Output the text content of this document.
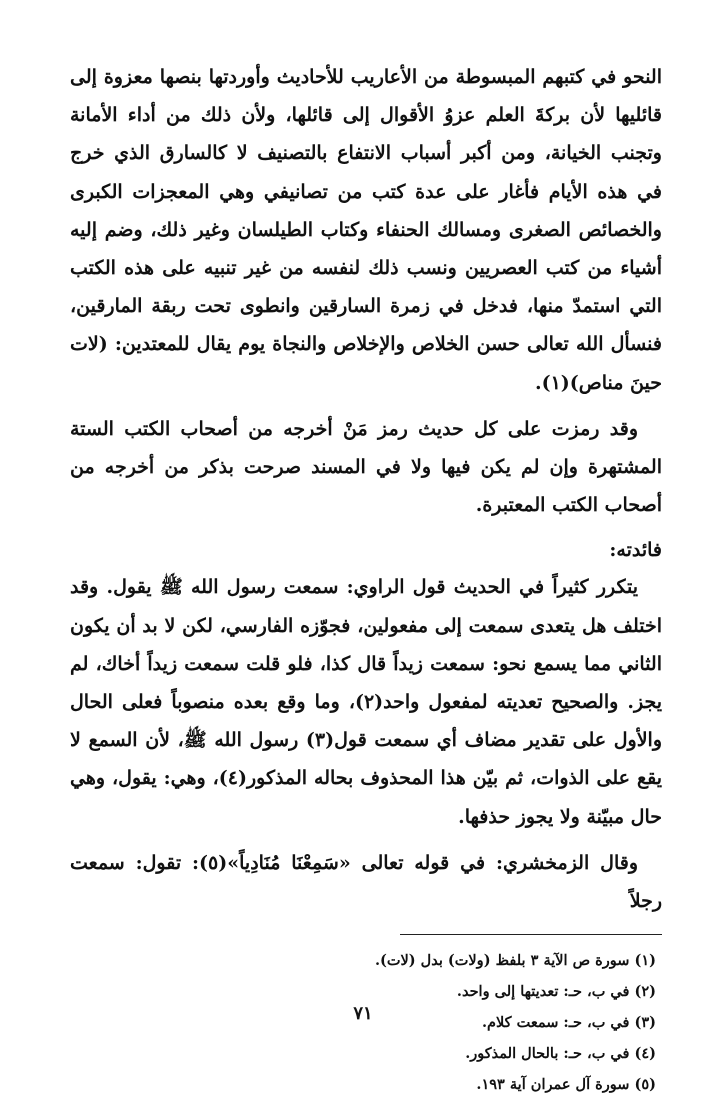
النحو في كتبهم المبسوطة من الأعاريب للأحاديث وأوردتها بنصها معزوة إلى قائليها لأن بركةَ العلم عزوُ الأقوال إلى قائلها، ولأن ذلك من أداء الأمانة وتجنب الخيانة، ومن أكبر أسباب الانتفاع بالتصنيف لا كالسارق الذي خرج في هذه الأيام فأغار على عدة كتب من تصانيفي وهي المعجزات الكبرى والخصائص الصغرى ومسالك الحنفاء وكتاب الطيلسان وغير ذلك، وضم إليه أشياء من كتب العصريين ونسب ذلك لنفسه من غير تنبيه على هذه الكتب التي استمدّ منها، فدخل في زمرة السارقين وانطوى تحت ربقة المارقين، فنسأل الله تعالى حسن الخلاص والإخلاص والنجاة يوم يقال للمعتدين: (لات حينَ مناص)(١).

وقد رمزت على كل حديث رمز مَنْ أخرجه من أصحاب الكتب الستة المشتهرة وإن لم يكن فيها ولا في المسند صرحت بذكر من أخرجه من أصحاب الكتب المعتبرة.

فائدته:

يتكرر كثيراً في الحديث قول الراوي: سمعت رسول الله ﷺ يقول. وقد اختلف هل يتعدى سمعت إلى مفعولين، فجوّزه الفارسي، لكن لا بد أن يكون الثاني مما يسمع نحو: سمعت زيداً قال كذا، فلو قلت سمعت زيداً أخاك، لم يجز. والصحيح تعديته لمفعول واحد(٢)، وما وقع بعده منصوباً فعلى الحال والأول على تقدير مضاف أي سمعت قول(٣) رسول الله ﷺ، لأن السمع لا يقع على الذوات، ثم بيّن هذا المحذوف بحاله المذكور(٤)، وهي: يقول، وهي حال مبيّنة ولا يجوز حذفها.

وقال الزمخشري: في قوله تعالى «سَمِعْنَا مُنَادِياً»(٥): تقول: سمعت رجلاً

(١) سورة ص الآية ٣ بلفظ (ولات) بدل (لات).
(٢) في ب، حـ: تعديتها إلى واحد.
(٣) في ب، حـ: سمعت كلام.
(٤) في ب، حـ: بالحال المذكور.
(٥) سورة آل عمران آية ١٩٣.
٧١
